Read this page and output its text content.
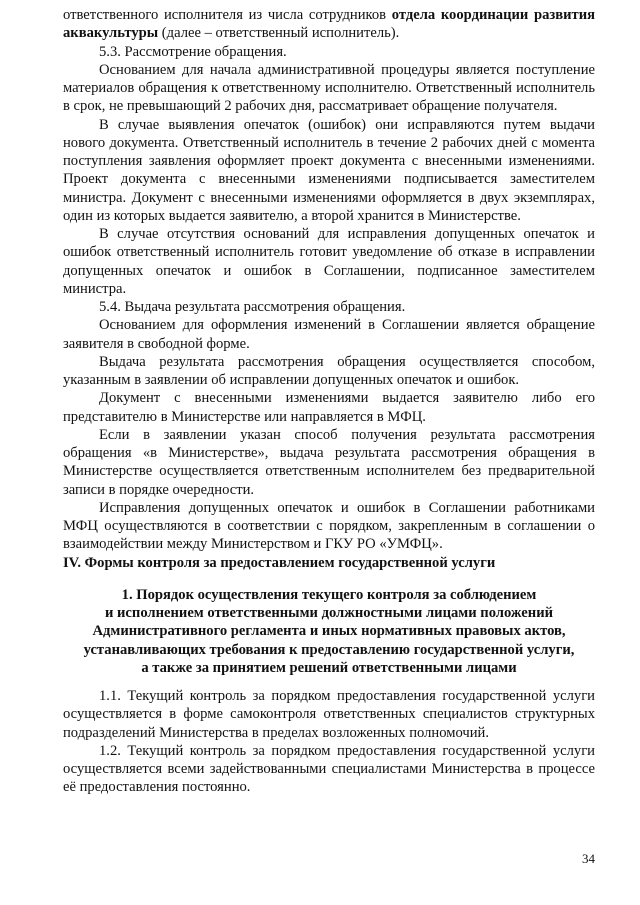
ответственного исполнителя из числа сотрудников отдела координации развития аквакультуры (далее – ответственный исполнитель).

5.3. Рассмотрение обращения.

Основанием для начала административной процедуры является поступление материалов обращения к ответственному исполнителю. Ответственный исполнитель в срок, не превышающий 2 рабочих дня, рассматривает обращение получателя.

В случае выявления опечаток (ошибок) они исправляются путем выдачи нового документа. Ответственный исполнитель в течение 2 рабочих дней с момента поступления заявления оформляет проект документа с внесенными изменениями. Проект документа с внесенными изменениями подписывается заместителем министра. Документ с внесенными изменениями оформляется в двух экземплярах, один из которых выдается заявителю, а второй хранится в Министерстве.

В случае отсутствия оснований для исправления допущенных опечаток и ошибок ответственный исполнитель готовит уведомление об отказе в исправлении допущенных опечаток и ошибок в Соглашении, подписанное заместителем министра.

5.4. Выдача результата рассмотрения обращения.

Основанием для оформления изменений в Соглашении является обращение заявителя в свободной форме.

Выдача результата рассмотрения обращения осуществляется способом, указанным в заявлении об исправлении допущенных опечаток и ошибок.

Документ с внесенными изменениями выдается заявителю либо его представителю в Министерстве или направляется в МФЦ.

Если в заявлении указан способ получения результата рассмотрения обращения «в Министерстве», выдача результата рассмотрения обращения в Министерстве осуществляется ответственным исполнителем без предварительной записи в порядке очередности.

Исправления допущенных опечаток и ошибок в Соглашении работниками МФЦ осуществляются в соответствии с порядком, закрепленным в соглашении о взаимодействии между Министерством и ГКУ РО «УМФЦ».

IV. Формы контроля за предоставлением государственной услуги

1. Порядок осуществления текущего контроля за соблюдением
и исполнением ответственными должностными лицами положений
Административного регламента и иных нормативных правовых актов,
устанавливающих требования к предоставлению государственной услуги,
а также за принятием решений ответственными лицами

1.1. Текущий контроль за порядком предоставления государственной услуги осуществляется в форме самоконтроля ответственных специалистов структурных подразделений Министерства в пределах возложенных полномочий.

1.2. Текущий контроль за порядком предоставления государственной услуги осуществляется всеми задействованными специалистами Министерства в процессе её предоставления постоянно.

34
